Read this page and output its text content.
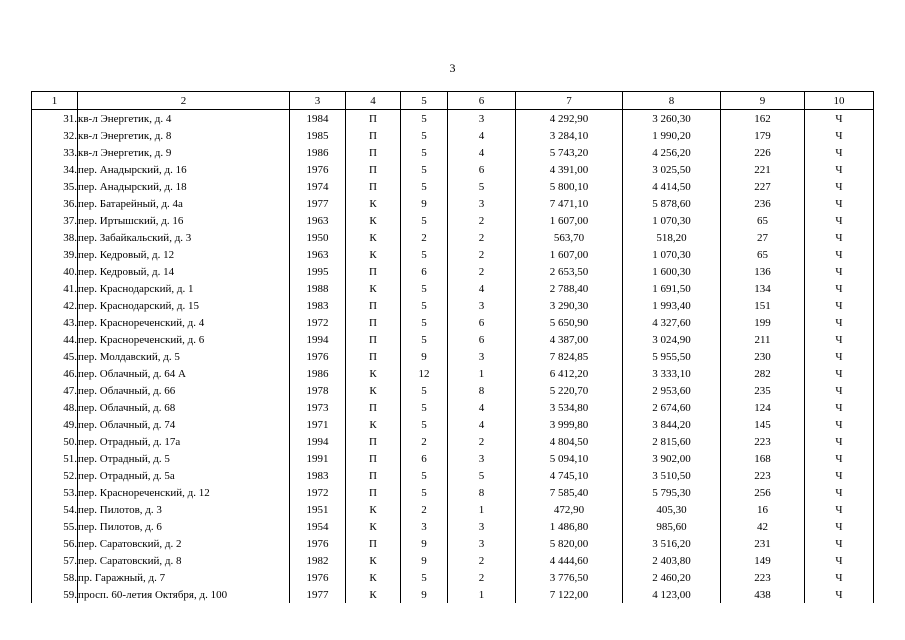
3
1	2	3	4	5	6	7	8	9	10
31.	кв-л Энергетик, д. 4	1984	П	5	3	4 292,90	3 260,30	162	Ч
32.	кв-л Энергетик, д. 8	1985	П	5	4	3 284,10	1 990,20	179	Ч
33.	кв-л Энергетик, д. 9	1986	П	5	4	5 743,20	4 256,20	226	Ч
34.	пер. Анадырский, д. 16	1976	П	5	6	4 391,00	3 025,50	221	Ч
35.	пер. Анадырский, д. 18	1974	П	5	5	5 800,10	4 414,50	227	Ч
36.	пер. Батарейный, д. 4а	1977	К	9	3	7 471,10	5 878,60	236	Ч
37.	пер. Иртышский, д. 16	1963	К	5	2	1 607,00	1 070,30	65	Ч
38.	пер. Забайкальский, д. 3	1950	К	2	2	563,70	518,20	27	Ч
39.	пер. Кедровый, д. 12	1963	К	5	2	1 607,00	1 070,30	65	Ч
40.	пер. Кедровый, д. 14	1995	П	6	2	2 653,50	1 600,30	136	Ч
41.	пер. Краснодарский, д. 1	1988	К	5	4	2 788,40	1 691,50	134	Ч
42.	пер. Краснодарский, д. 15	1983	П	5	3	3 290,30	1 993,40	151	Ч
43.	пер. Краснореченский, д. 4	1972	П	5	6	5 650,90	4 327,60	199	Ч
44.	пер. Краснореченский, д. 6	1994	П	5	6	4 387,00	3 024,90	211	Ч
45.	пер. Молдавский, д. 5	1976	П	9	3	7 824,85	5 955,50	230	Ч
46.	пер. Облачный, д. 64 А	1986	К	12	1	6 412,20	3 333,10	282	Ч
47.	пер. Облачный, д. 66	1978	К	5	8	5 220,70	2 953,60	235	Ч
48.	пер. Облачный, д. 68	1973	П	5	4	3 534,80	2 674,60	124	Ч
49.	пер. Облачный, д. 74	1971	К	5	4	3 999,80	3 844,20	145	Ч
50.	пер. Отрадный, д. 17а	1994	П	2	2	4 804,50	2 815,60	223	Ч
51.	пер. Отрадный, д. 5	1991	П	6	3	5 094,10	3 902,00	168	Ч
52.	пер. Отрадный, д. 5а	1983	П	5	5	4 745,10	3 510,50	223	Ч
53.	пер. Краснореченский, д. 12	1972	П	5	8	7 585,40	5 795,30	256	Ч
54.	пер. Пилотов, д. 3	1951	К	2	1	472,90	405,30	16	Ч
55.	пер. Пилотов, д. 6	1954	К	3	3	1 486,80	985,60	42	Ч
56.	пер. Саратовский, д. 2	1976	П	9	3	5 820,00	3 516,20	231	Ч
57.	пер. Саратовский, д. 8	1982	К	9	2	4 444,60	2 403,80	149	Ч
58.	пр. Гаражный, д. 7	1976	К	5	2	3 776,50	2 460,20	223	Ч
59.	просп. 60-летия Октября, д. 100	1977	К	9	1	7 122,00	4 123,00	438	Ч
